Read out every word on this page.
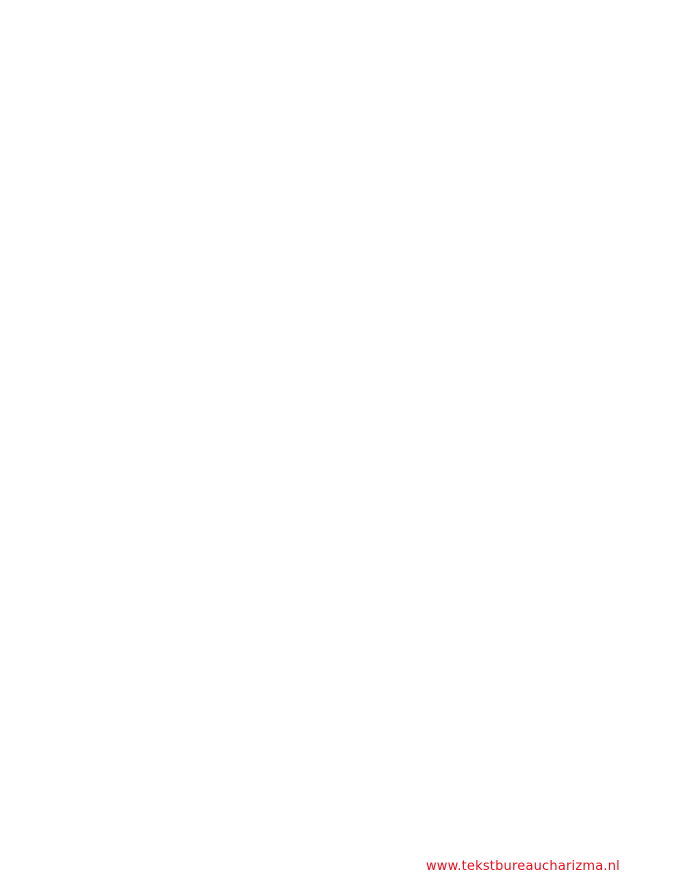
www.tekstbureaucharizma.nl
